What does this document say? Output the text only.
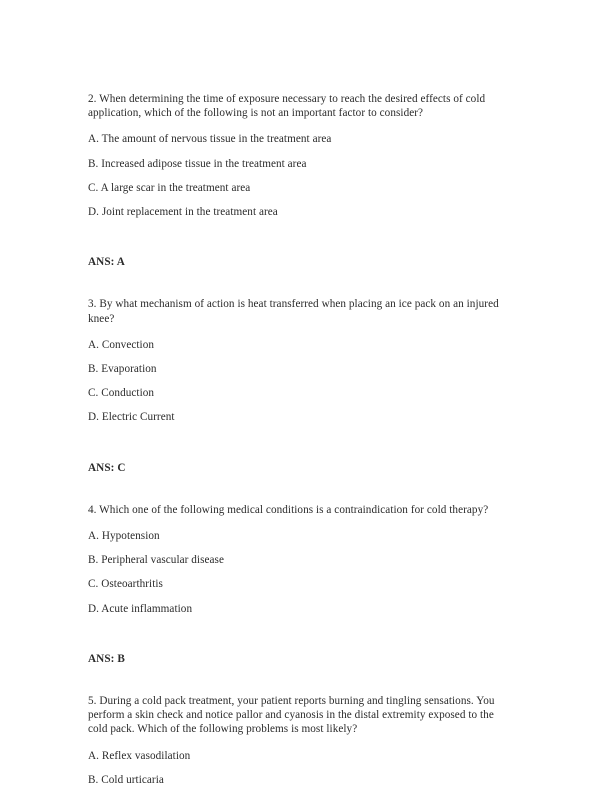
2. When determining the time of exposure necessary to reach the desired effects of cold application, which of the following is not an important factor to consider?

A. The amount of nervous tissue in the treatment area

B. Increased adipose tissue in the treatment area

C. A large scar in the treatment area

D. Joint replacement in the treatment area

ANS: A

3. By what mechanism of action is heat transferred when placing an ice pack on an injured knee?

A. Convection

B. Evaporation

C. Conduction

D. Electric Current

ANS: C

4. Which one of the following medical conditions is a contraindication for cold therapy?

A. Hypotension

B. Peripheral vascular disease

C. Osteoarthritis

D. Acute inflammation

ANS: B

5. During a cold pack treatment, your patient reports burning and tingling sensations. You perform a skin check and notice pallor and cyanosis in the distal extremity exposed to the cold pack. Which of the following problems is most likely?

A. Reflex vasodilation

B. Cold urticaria
